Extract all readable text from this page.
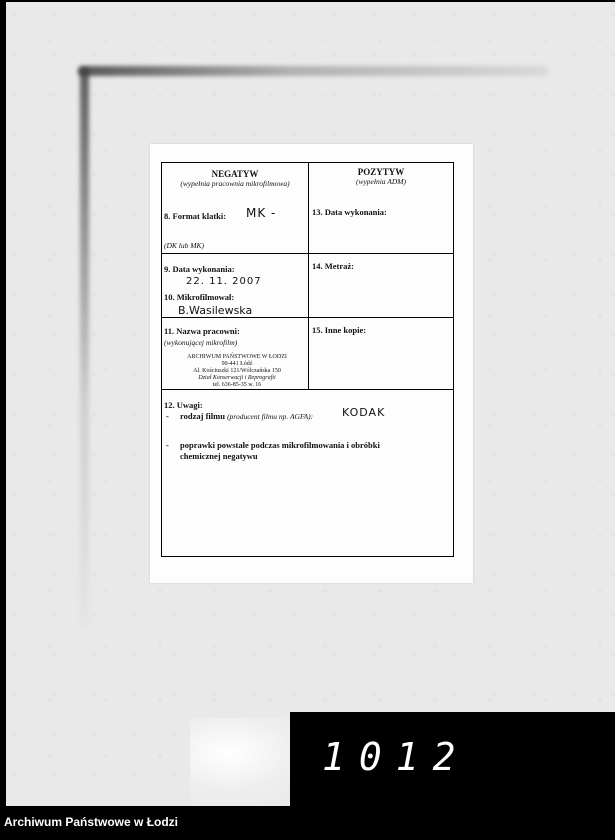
NEGATYW
(wypełnia pracownia mikrofilmowa)
POZYTYW
(wypełnia ADM)
8. Format klatki: MK -
(DK lub MK)
13. Data wykonania:
9. Data wykonania:
22. 11. 2007
10. Mikrofilmował:
B.Wasilewska
14. Metraż:
11. Nazwa pracowni:
(wykonującej mikrofilm)
ARCHIWUM PAŃSTWOWE W ŁODZI
90-441 Łódź
Al. Kościuszki 121/Wólczańska 150
Dział Konserwacji i Reprografii
tel. 636-85-35 w. 16
15. Inne kopie:
12. Uwagi:
- rodzaj filmu (producent filmu np. AGFA):	KODAK
- poprawki powstałe podczas mikrofilmowania i obróbki
chemicznej negatywu
1012
Archiwum Państwowe w Łodzi
